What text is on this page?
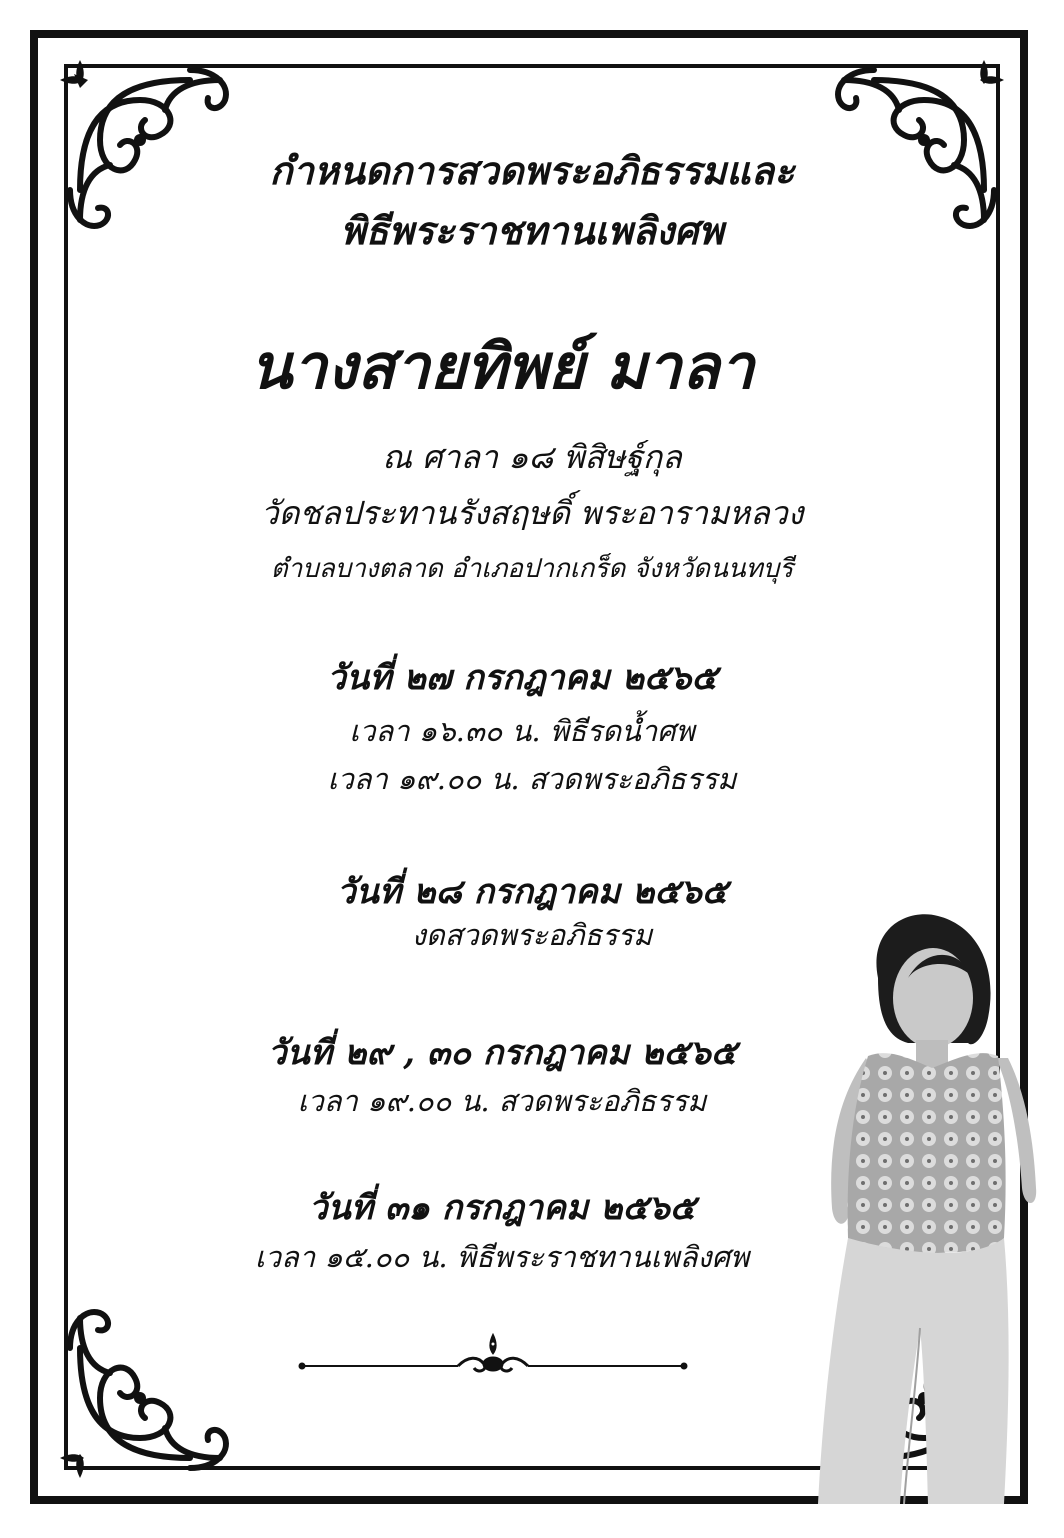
กำหนดการสวดพระอภิธรรมและ
พิธีพระราชทานเพลิงศพ
นางสายทิพย์ มาลา
ณ ศาลา ๑๘ พิสิษฐ์กุล
วัดชลประทานรังสฤษดิ์ พระอารามหลวง
ตำบลบางตลาด อำเภอปากเกร็ด จังหวัดนนทบุรี
วันที่ ๒๗ กรกฎาคม ๒๕๖๕
เวลา ๑๖.๓๐ น. พิธีรดน้ำศพ
เวลา ๑๙.๐๐ น. สวดพระอภิธรรม
วันที่ ๒๘ กรกฎาคม ๒๕๖๕
งดสวดพระอภิธรรม
วันที่ ๒๙ , ๓๐ กรกฎาคม ๒๕๖๕
เวลา ๑๙.๐๐ น. สวดพระอภิธรรม
วันที่ ๓๑ กรกฎาคม ๒๕๖๕
เวลา ๑๕.๐๐ น. พิธีพระราชทานเพลิงศพ
